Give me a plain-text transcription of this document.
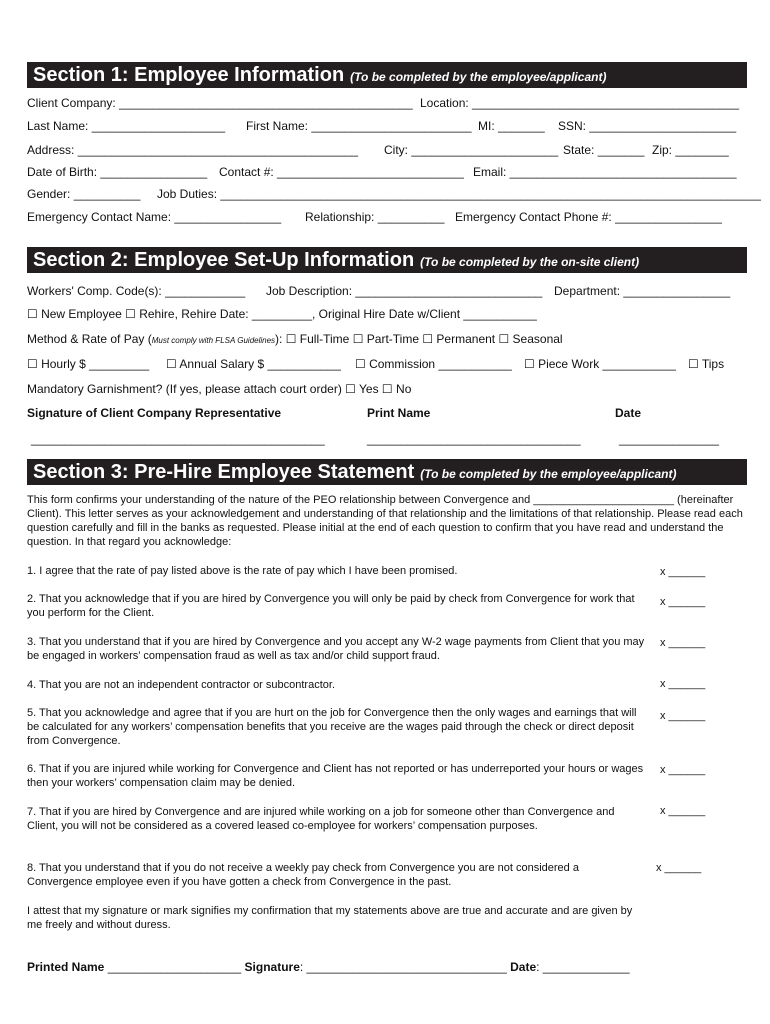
Section 1: Employee Information (To be completed by the employee/applicant)
Client Company: ____________________________________________ Location: ________________________________________
Last Name: ____________________ First Name: ________________________ MI: _______ SSN: ______________________
Address: __________________________________________ City: ______________________ State: _______ Zip: ________
Date of Birth: ________________ Contact #: ____________________________ Email: __________________________________
Gender: __________ Job Duties: _________________________________________________________________________________
Emergency Contact Name: ________________ Relationship: __________ Emergency Contact Phone #: ________________
Section 2: Employee Set-Up Information (To be completed by the on-site client)
Workers' Comp. Code(s): ____________ Job Description: ____________________________ Department: ________________
☐ New Employee ☐ Rehire, Rehire Date: _________, Original Hire Date w/Client ___________
Method & Rate of Pay (Must comply with FLSA Guidelines): ☐ Full-Time ☐ Part-Time ☐ Permanent ☐ Seasonal
☐ Hourly $ _________ ☐ Annual Salary $ ___________ ☐ Commission ___________ ☐ Piece Work ___________ ☐ Tips
Mandatory Garnishment? (If yes, please attach court order) ☐ Yes ☐ No
Signature of Client Company Representative	Print Name	Date
____________________________________________	________________________________	_______________
Section 3: Pre-Hire Employee Statement (To be completed by the employee/applicant)
This form confirms your understanding of the nature of the PEO relationship between Convergence and _______________________ (hereinafter Client). This letter serves as your acknowledgement and understanding of that relationship and the limitations of that relationship. Please read each question carefully and fill in the banks as requested. Please initial at the end of each question to confirm that you have read and understand the question. In that regard you acknowledge:
1. I agree that the rate of pay listed above is the rate of pay which I have been promised.	x ______
2. That you acknowledge that if you are hired by Convergence you will only be paid by check from Convergence for work that you perform for the Client.
x ______
3. That you understand that if you are hired by Convergence and you accept any W-2 wage payments from Client that you may be engaged in workers’ compensation fraud as well as tax and/or child support fraud.
x ______
4. That you are not an independent contractor or subcontractor.	x ______
5. That you acknowledge and agree that if you are hurt on the job for Convergence then the only wages and earnings that will be calculated for any workers’ compensation benefits that you receive are the wages paid through the check or direct deposit from Convergence.
x ______
6. That if you are injured while working for Convergence and Client has not reported or has underreported your hours or wages then your workers’ compensation claim may be denied.
x ______
7. That if you are hired by Convergence and are injured while working on a job for someone other than Convergence and Client, you will not be considered as a covered leased co-employee for workers’ compensation purposes.
x ______
8. That you understand that if you do not receive a weekly pay check from Convergence you are not considered a Convergence employee even if you have gotten a check from Convergence in the past.
x ______
I attest that my signature or mark signifies my confirmation that my statements above are true and accurate and are given by me freely and without duress.
Printed Name ____________________ Signature: ______________________________ Date: _____________
